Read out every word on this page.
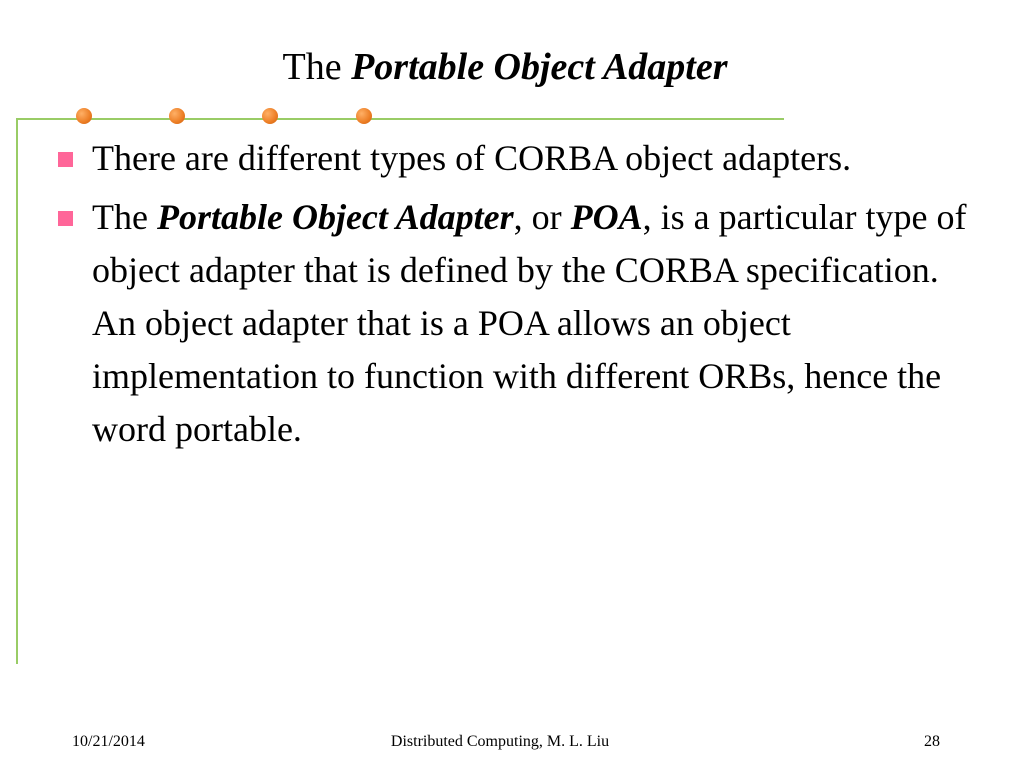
The Portable Object Adapter
There are different types of CORBA object adapters.
The Portable Object Adapter, or POA, is a particular type of object adapter that is defined by the CORBA specification. An object adapter that is a POA allows an object implementation to function with different ORBs, hence the word portable.
10/21/2014	Distributed Computing, M. L. Liu	28
